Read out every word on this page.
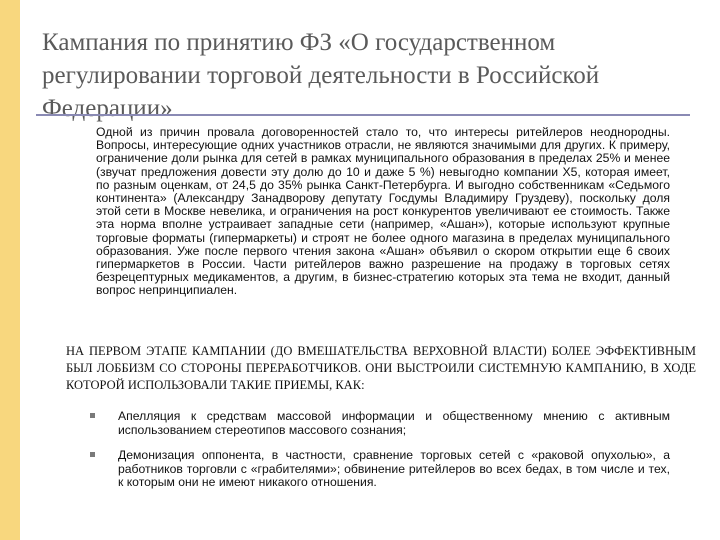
Кампания по принятию ФЗ «О государственном регулировании торговой деятельности в Российской Федерации»

Одной из причин провала договоренностей стало то, что интересы ритейлеров неоднородны. Вопросы, интересующие одних участников отрасли, не являются значимыми для других. К примеру, ограничение доли рынка для сетей в рамках муниципального образования в пределах 25% и менее (звучат предложения довести эту долю до 10 и даже 5 %) невыгодно компании Х5, которая имеет, по разным оценкам, от 24,5 до 35% рынка Санкт-Петербурга. И выгодно собственникам «Седьмого континента» (Александру Занадворову депутату Госдумы Владимиру Груздеву), поскольку доля этой сети в Москве невелика, и ограничения на рост конкурентов увеличивают ее стоимость. Также эта норма вполне устраивает западные сети (например, «Ашан»), которые используют крупные торговые форматы (гипермаркеты) и строят не более одного магазина в пределах муниципального образования. Уже после первого чтения закона «Ашан» объявил о скором открытии еще 6 своих гипермаркетов в России. Части ритейлеров важно разрешение на продажу в торговых сетях безрецептурных медикаментов, а другим, в бизнес-стратегию которых эта тема не входит, данный вопрос непринципиален.

НА ПЕРВОМ ЭТАПЕ КАМПАНИИ (ДО ВМЕШАТЕЛЬСТВА ВЕРХОВНОЙ ВЛАСТИ) БОЛЕЕ ЭФФЕКТИВНЫМ БЫЛ ЛОББИЗМ СО СТОРОНЫ ПЕРЕРАБОТЧИКОВ. ОНИ ВЫСТРОИЛИ СИСТЕМНУЮ КАМПАНИЮ, В ХОДЕ КОТОРОЙ ИСПОЛЬЗОВАЛИ ТАКИЕ ПРИЕМЫ, КАК:

Апелляция к средствам массовой информации и общественному мнению с активным использованием стереотипов массового сознания;
Демонизация оппонента, в частности, сравнение торговых сетей с «раковой опухолью», а работников торговли с «грабителями»; обвинение ритейлеров во всех бедах, в том числе и тех, к которым они не имеют никакого отношения.
